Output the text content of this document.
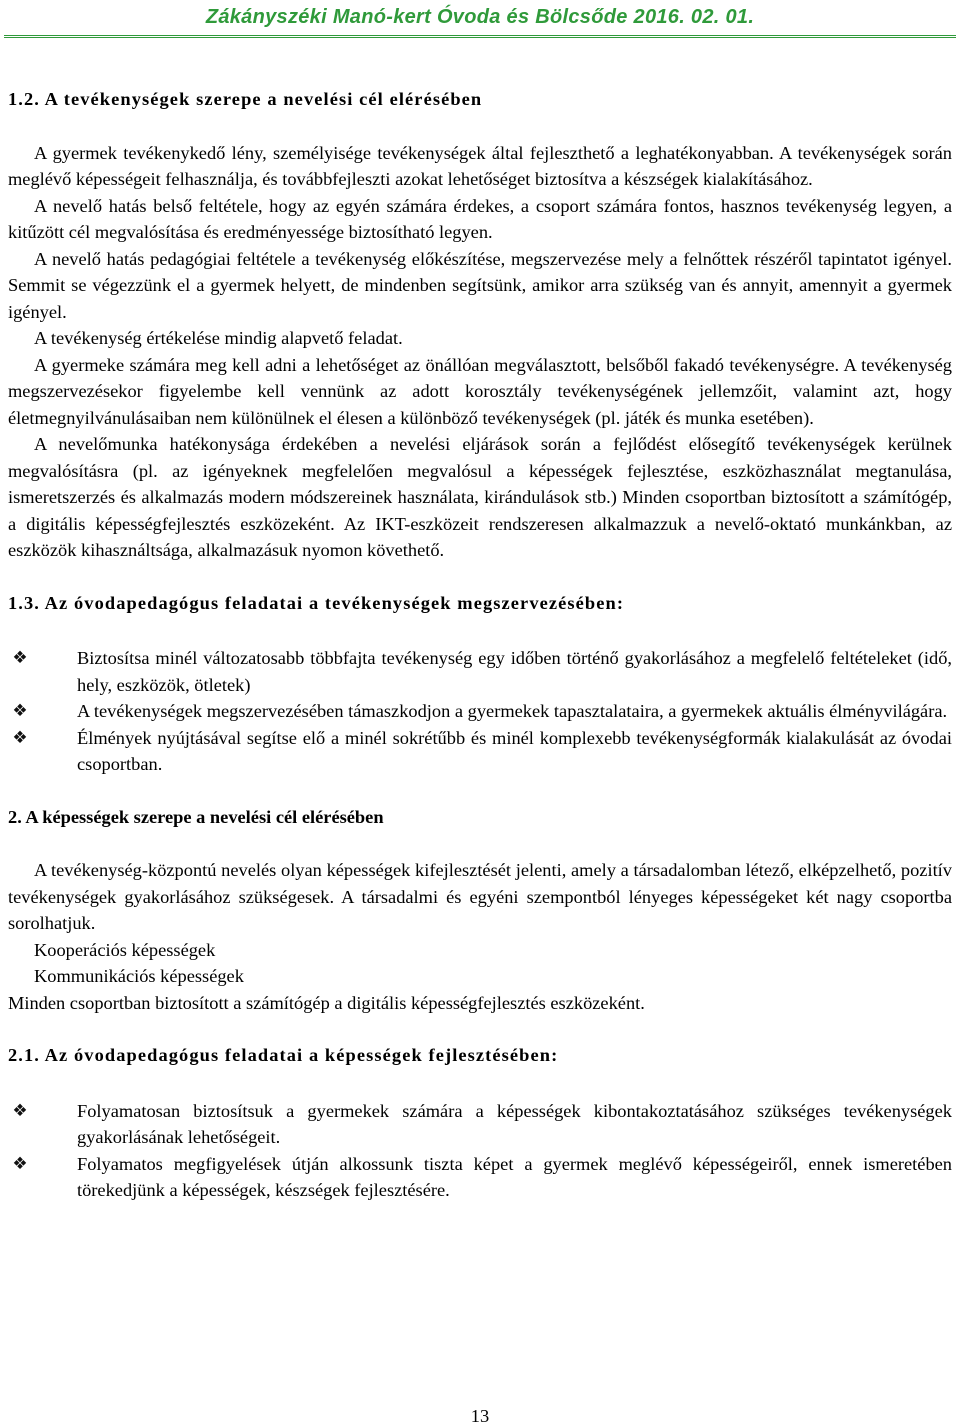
Zákányszéki Manó-kert Óvoda és Bölcsőde 2016. 02. 01.
1.2. A tevékenységek szerepe a nevelési cél elérésében

A gyermek tevékenykedő lény, személyisége tevékenységek által fejleszthető a leghatékonyabban. A tevékenységek során meglévő képességeit felhasználja, és továbbfejleszti azokat lehetőséget biztosítva a készségek kialakításához.

A nevelő hatás belső feltétele, hogy az egyén számára érdekes, a csoport számára fontos, hasznos tevékenység legyen, a kitűzött cél megvalósítása és eredményessége biztosítható legyen.

A nevelő hatás pedagógiai feltétele a tevékenység előkészítése, megszervezése mely a felnőttek részéről tapintatot igényel. Semmit se végezzünk el a gyermek helyett, de mindenben segítsünk, amikor arra szükség van és annyit, amennyit a gyermek igényel.

A tevékenység értékelése mindig alapvető feladat.

A gyermeke számára meg kell adni a lehetőséget az önállóan megválasztott, belsőből fakadó tevékenységre. A tevékenység megszervezésekor figyelembe kell vennünk az adott korosztály tevékenységének jellemzőit, valamint azt, hogy életmegnyilvánulásaiban nem különülnek el élesen a különböző tevékenységek (pl. játék és munka esetében).

A nevelőmunka hatékonysága érdekében a nevelési eljárások során a fejlődést elősegítő tevékenységek kerülnek megvalósításra (pl. az igényeknek megfelelően megvalósul a képességek fejlesztése, eszközhasználat megtanulása, ismeretszerzés és alkalmazás modern módszereinek használata, kirándulások stb.) Minden csoportban biztosított a számítógép, a digitális képességfejlesztés eszközeként. Az IKT-eszközeit rendszeresen alkalmazzuk a nevelő-oktató munkánkban, az eszközök kihasználtsága, alkalmazásuk nyomon követhető.

1.3. Az óvodapedagógus feladatai a tevékenységek megszervezésében:
❖	Biztosítsa minél változatosabb többfajta tevékenység egy időben történő gyakorlásához a megfelelő feltételeket (idő, hely, eszközök, ötletek)
❖	A tevékenységek megszervezésében támaszkodjon a gyermekek tapasztalataira, a gyermekek aktuális élményvilágára.
❖	Élmények nyújtásával segítse elő a minél sokrétűbb és minél komplexebb tevékenységformák kialakulását az óvodai csoportban.
2. A képességek szerepe a nevelési cél elérésében

A tevékenység-központú nevelés olyan képességek kifejlesztését jelenti, amely a társadalomban létező, elképzelhető, pozitív tevékenységek gyakorlásához szükségesek. A társadalmi és egyéni szempontból lényeges képességeket két nagy csoportba sorolhatjuk.

Kooperációs képességek
Kommunikációs képességek

Minden csoportban biztosított a számítógép a digitális képességfejlesztés eszközeként.

2.1. Az óvodapedagógus feladatai a képességek fejlesztésében:
❖	Folyamatosan biztosítsuk a gyermekek számára a képességek kibontakoztatásához szükséges tevékenységek gyakorlásának lehetőségeit.
❖	Folyamatos megfigyelések útján alkossunk tiszta képet a gyermek meglévő képességeiről, ennek ismeretében törekedjünk a képességek, készségek fejlesztésére.
13
